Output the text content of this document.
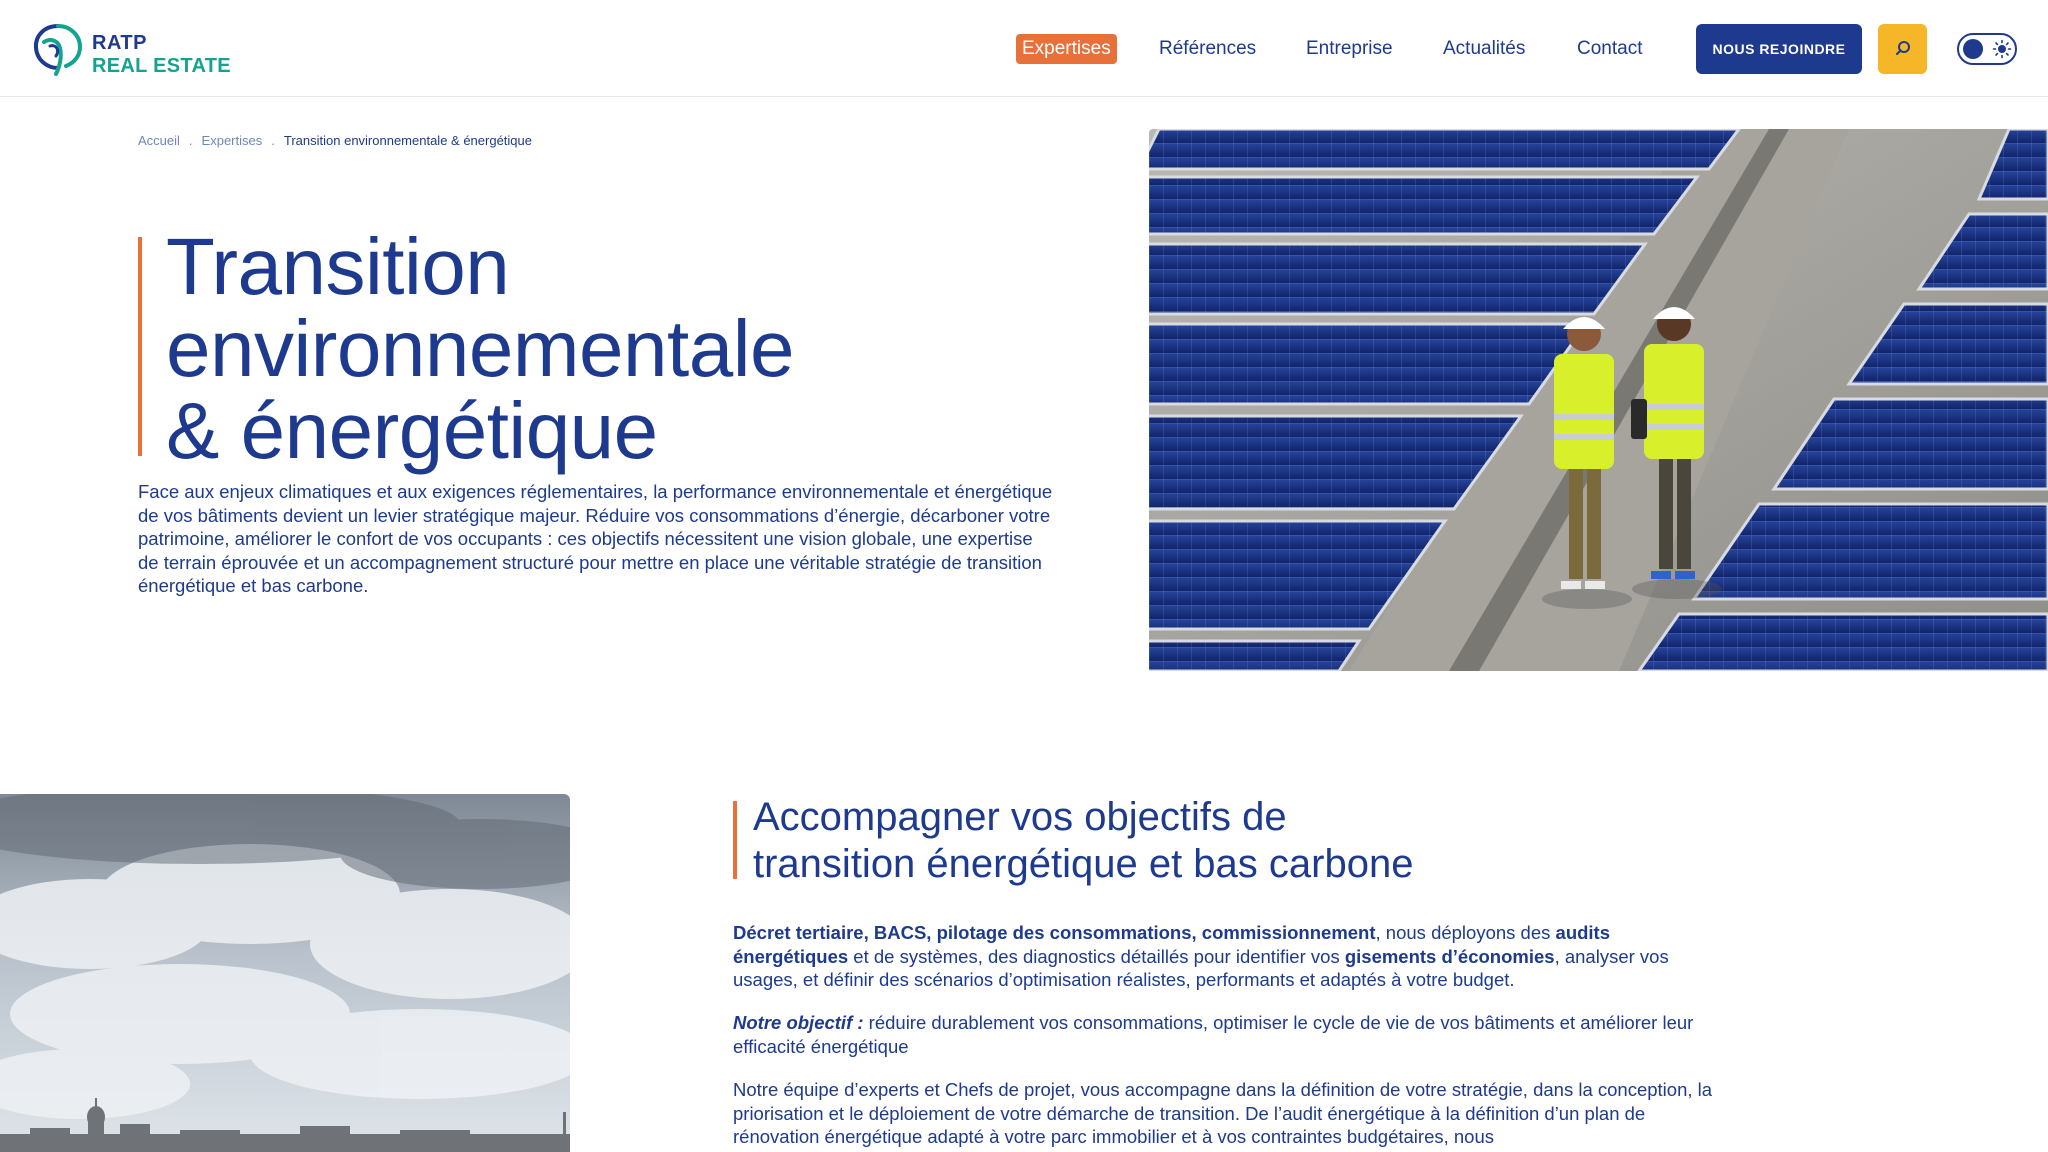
RATP
REAL ESTATE
Expertises	Références	Entreprise	Actualités	Contact	NOUS REJOINDRE
Accueil . Expertises . Transition environnementale & énergétique
Transition
environnementale
& énergétique

Face aux enjeux climatiques et aux exigences réglementaires, la performance environnementale et énergétique de vos bâtiments devient un levier stratégique majeur. Réduire vos consommations d’énergie, décarboner votre patrimoine, améliorer le confort de vos occupants : ces objectifs nécessitent une vision globale, une expertise de terrain éprouvée et un accompagnement structuré pour mettre en place une véritable stratégie de transition énergétique et bas carbone.

Accompagner vos objectifs de
transition énergétique et bas carbone

Décret tertiaire, BACS, pilotage des consommations, commissionnement, nous déployons des audits énergétiques et de systèmes, des diagnostics détaillés pour identifier vos gisements d’économies, analyser vos usages, et définir des scénarios d’optimisation réalistes, performants et adaptés à votre budget.

Notre objectif : réduire durablement vos consommations, optimiser le cycle de vie de vos bâtiments et améliorer leur efficacité énergétique

Notre équipe d’experts et Chefs de projet, vous accompagne dans la définition de votre stratégie, dans la conception, la priorisation et le déploiement de votre démarche de transition. De l’audit énergétique à la définition d’un plan de rénovation énergétique adapté à votre parc immobilier et à vos contraintes budgétaires, nous
